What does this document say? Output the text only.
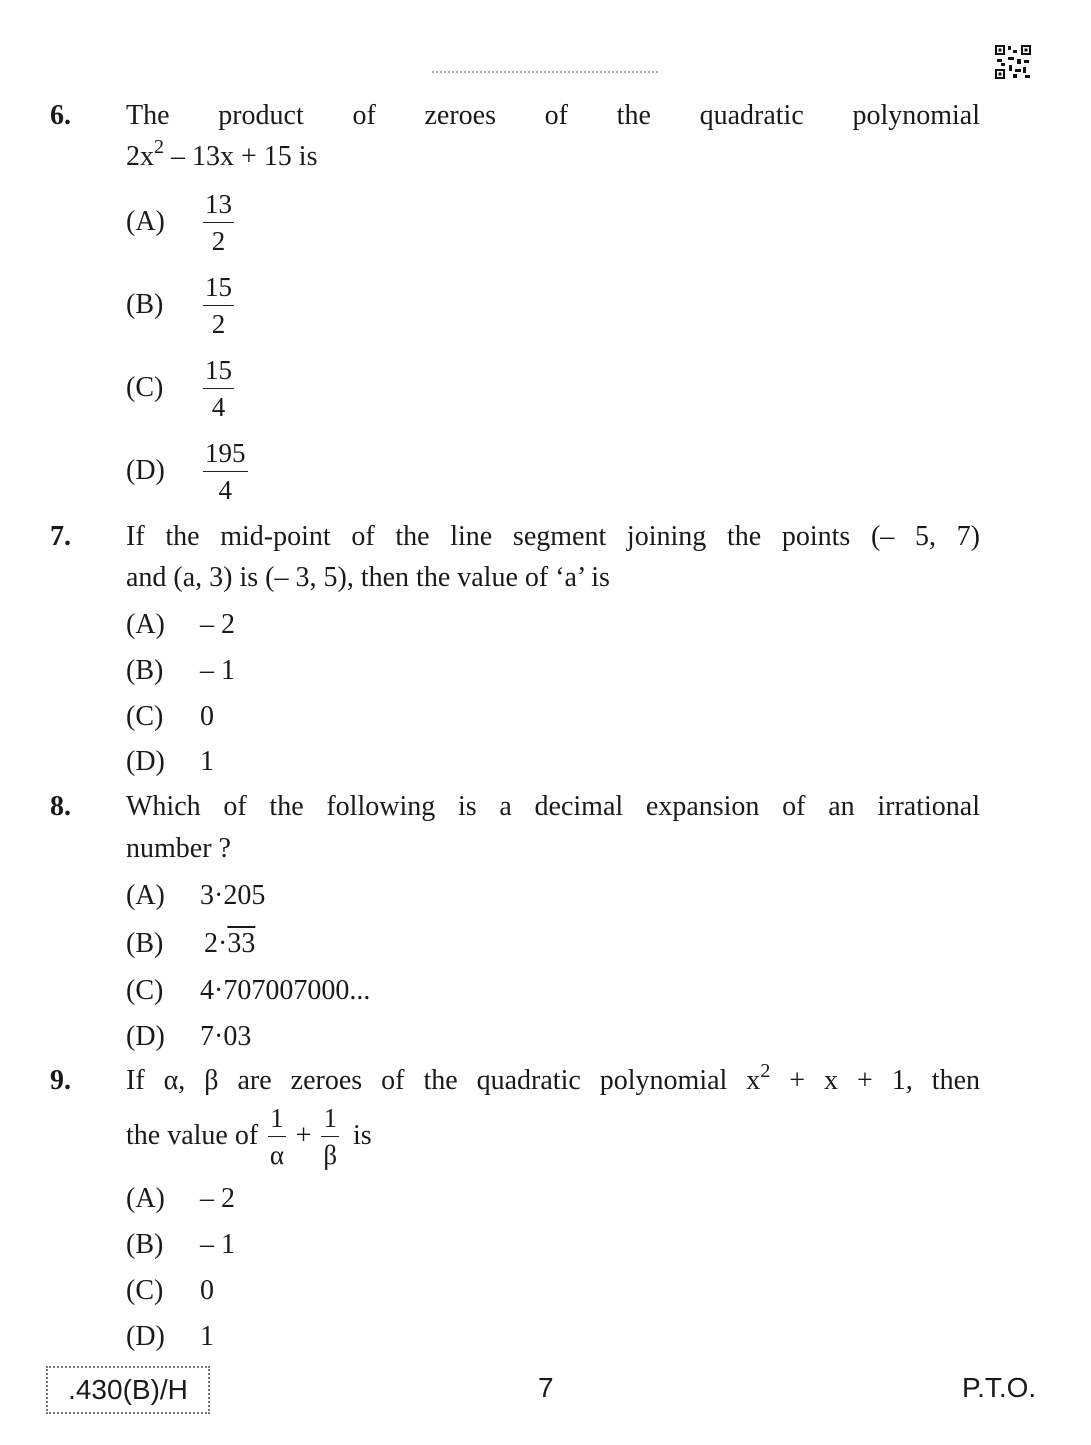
6. The product of zeroes of the quadratic polynomial
$2x^2 - 13x + 15$ is
$(A) \frac{13}{2}$
$(B) \frac{15}{2}$
$(C) \frac{15}{4}$
$(D) \frac{195}{4}$
7. If the mid-point of the line segment joining the points (– 5, 7)
and (a, 3) is (– 3, 5), then the value of ‘a’ is
(A) – 2
(B) – 1
(C) 0
(D) 1
8. Which of the following is a decimal expansion of an irrational
number ?
(A) 3·205
(B) 2·33
(C) 4·707007000...
(D) 7·03
9. If α, β are zeroes of the quadratic polynomial $x^2 + x + 1$, then
the value of $\frac{1}{\alpha} + \frac{1}{\beta}$ is
(A) – 2
(B) – 1
(C) 0
(D) 1
.430(B)/H	7	P.T.O.
